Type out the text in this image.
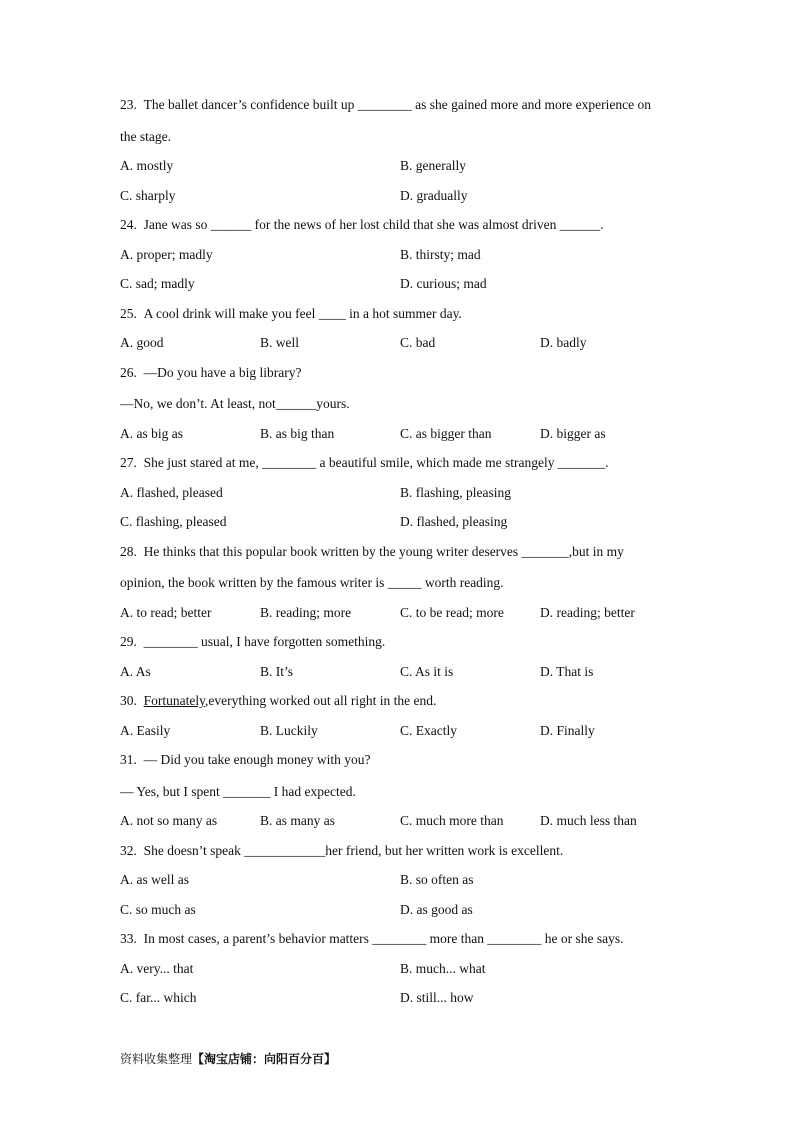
23. The ballet dancer’s confidence built up ________ as she gained more and more experience on
the stage.
A. mostly	B. generally
C. sharply	D. gradually
24. Jane was so ______ for the news of her lost child that she was almost driven ______.
A. proper; madly	B. thirsty; mad
C. sad; madly	D. curious; mad
25. A cool drink will make you feel ____ in a hot summer day.
A. good	B. well	C. bad	D. badly
26. —Do you have a big library?
—No, we don’t. At least, not______yours.
A. as big as	B. as big than	C. as bigger than	D. bigger as
27. She just stared at me, ________ a beautiful smile, which made me strangely _______.
A. flashed, pleased	B. flashing, pleasing
C. flashing, pleased	D. flashed, pleasing
28. He thinks that this popular book written by the young writer deserves _______,but in my
opinion, the book written by the famous writer is _____ worth reading.
A. to read; better	B. reading; more	C. to be read; more	D. reading; better
29. ________ usual, I have forgotten something.
A. As	B. It’s	C. As it is	D. That is
30. Fortunately,everything worked out all right in the end.
A. Easily	B. Luckily	C. Exactly	D. Finally
31. — Did you take enough money with you?
— Yes, but I spent _______ I had expected.
A. not so many as	B. as many as	C. much more than	D. much less than
32. She doesn’t speak ____________her friend, but her written work is excellent.
A. as well as	B. so often as
C. so much as	D. as good as
33. In most cases, a parent’s behavior matters ________ more than ________ he or she says.
A. very... that	B. much... what
C. far... which	D. still... how
资料收集整理【淘宝店铺：向阳百分百】
